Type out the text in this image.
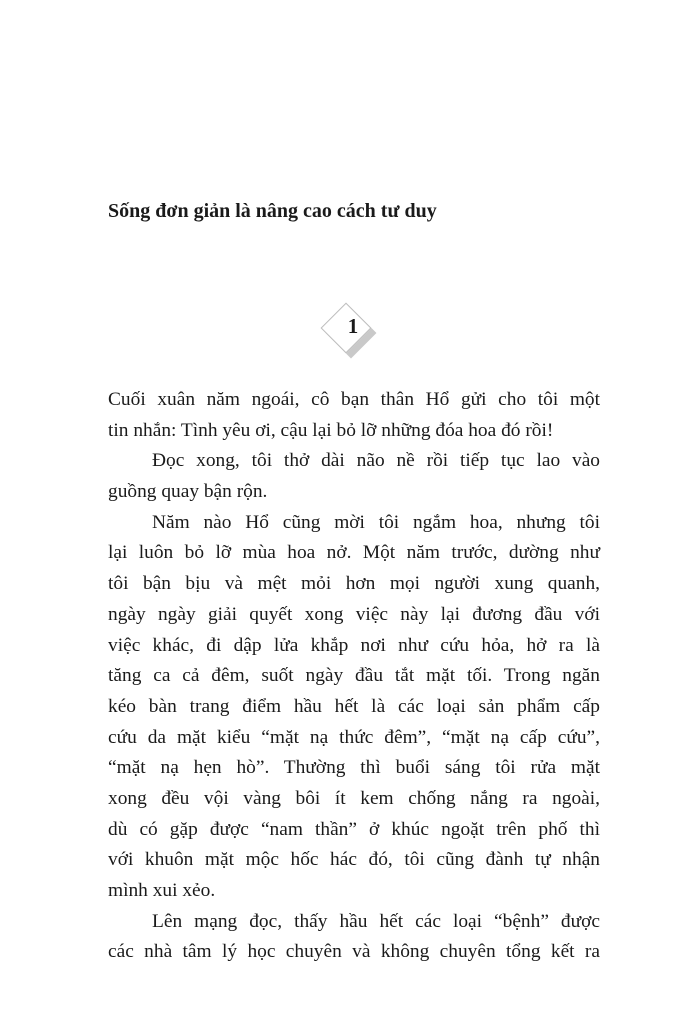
Sống đơn giản là nâng cao cách tư duy
1
Cuối xuân năm ngoái, cô bạn thân Hổ gửi cho tôi một
tin nhắn: Tình yêu ơi, cậu lại bỏ lỡ những đóa hoa đó rồi!
Đọc xong, tôi thở dài não nề rồi tiếp tục lao vào
guồng quay bận rộn.
Năm nào Hổ cũng mời tôi ngắm hoa, nhưng tôi
lại luôn bỏ lỡ mùa hoa nở. Một năm trước, dường như
tôi bận bịu và mệt mỏi hơn mọi người xung quanh,
ngày ngày giải quyết xong việc này lại đương đầu với
việc khác, đi dập lửa khắp nơi như cứu hỏa, hở ra là
tăng ca cả đêm, suốt ngày đầu tắt mặt tối. Trong ngăn
kéo bàn trang điểm hầu hết là các loại sản phẩm cấp
cứu da mặt kiểu “mặt nạ thức đêm”, “mặt nạ cấp cứu”,
“mặt nạ hẹn hò”. Thường thì buổi sáng tôi rửa mặt
xong đều vội vàng bôi ít kem chống nắng ra ngoài,
dù có gặp được “nam thần” ở khúc ngoặt trên phố thì
với khuôn mặt mộc hốc hác đó, tôi cũng đành tự nhận
mình xui xẻo.
Lên mạng đọc, thấy hầu hết các loại “bệnh” được
các nhà tâm lý học chuyên và không chuyên tổng kết ra
